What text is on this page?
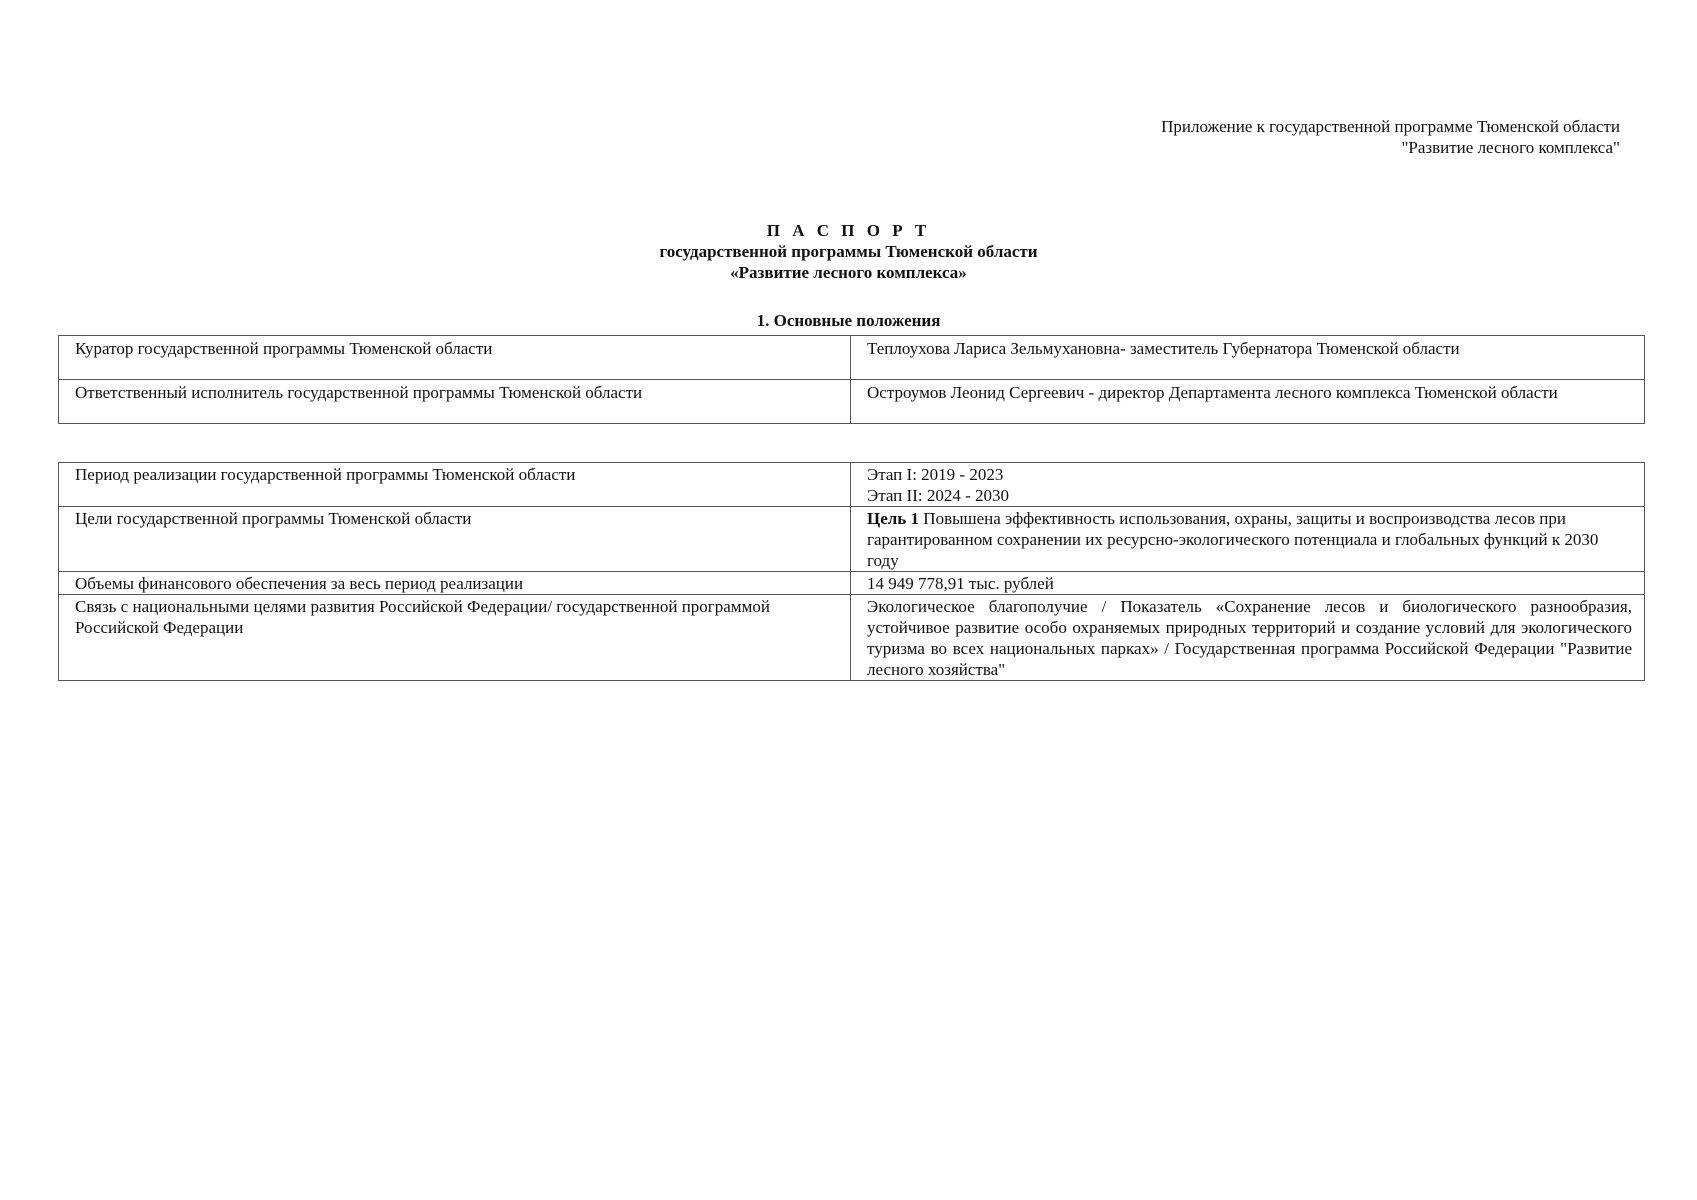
Приложение к государственной программе Тюменской области
"Развитие лесного комплекса"
П А С П О Р Т
государственной программы Тюменской области
«Развитие лесного комплекса»
1. Основные положения
Куратор государственной программы Тюменской области	Теплоухова Лариса Зельмухановна- заместитель Губернатора Тюменской области
Ответственный исполнитель государственной программы Тюменской области	Остроумов Леонид Сергеевич - директор Департамента лесного комплекса Тюменской области
Период реализации государственной программы Тюменской области	Этап I: 2019 - 2023
Этап II: 2024 - 2030

Цели государственной программы Тюменской области	Цель 1 Повышена эффективность использования, охраны, защиты и воспроизводства лесов при гарантированном сохранении их ресурсно-экологического потенциала и глобальных функций к 2030 году
Объемы финансового обеспечения за весь период реализации	14 949 778,91 тыс. рублей
Связь с национальными целями развития Российской Федерации/ государственной программой Российской Федерации	Экологическое благополучие / Показатель «Сохранение лесов и биологического разнообразия, устойчивое развитие особо охраняемых природных территорий и создание условий для экологического туризма во всех национальных парках» / Государственная программа Российской Федерации "Развитие лесного хозяйства"
